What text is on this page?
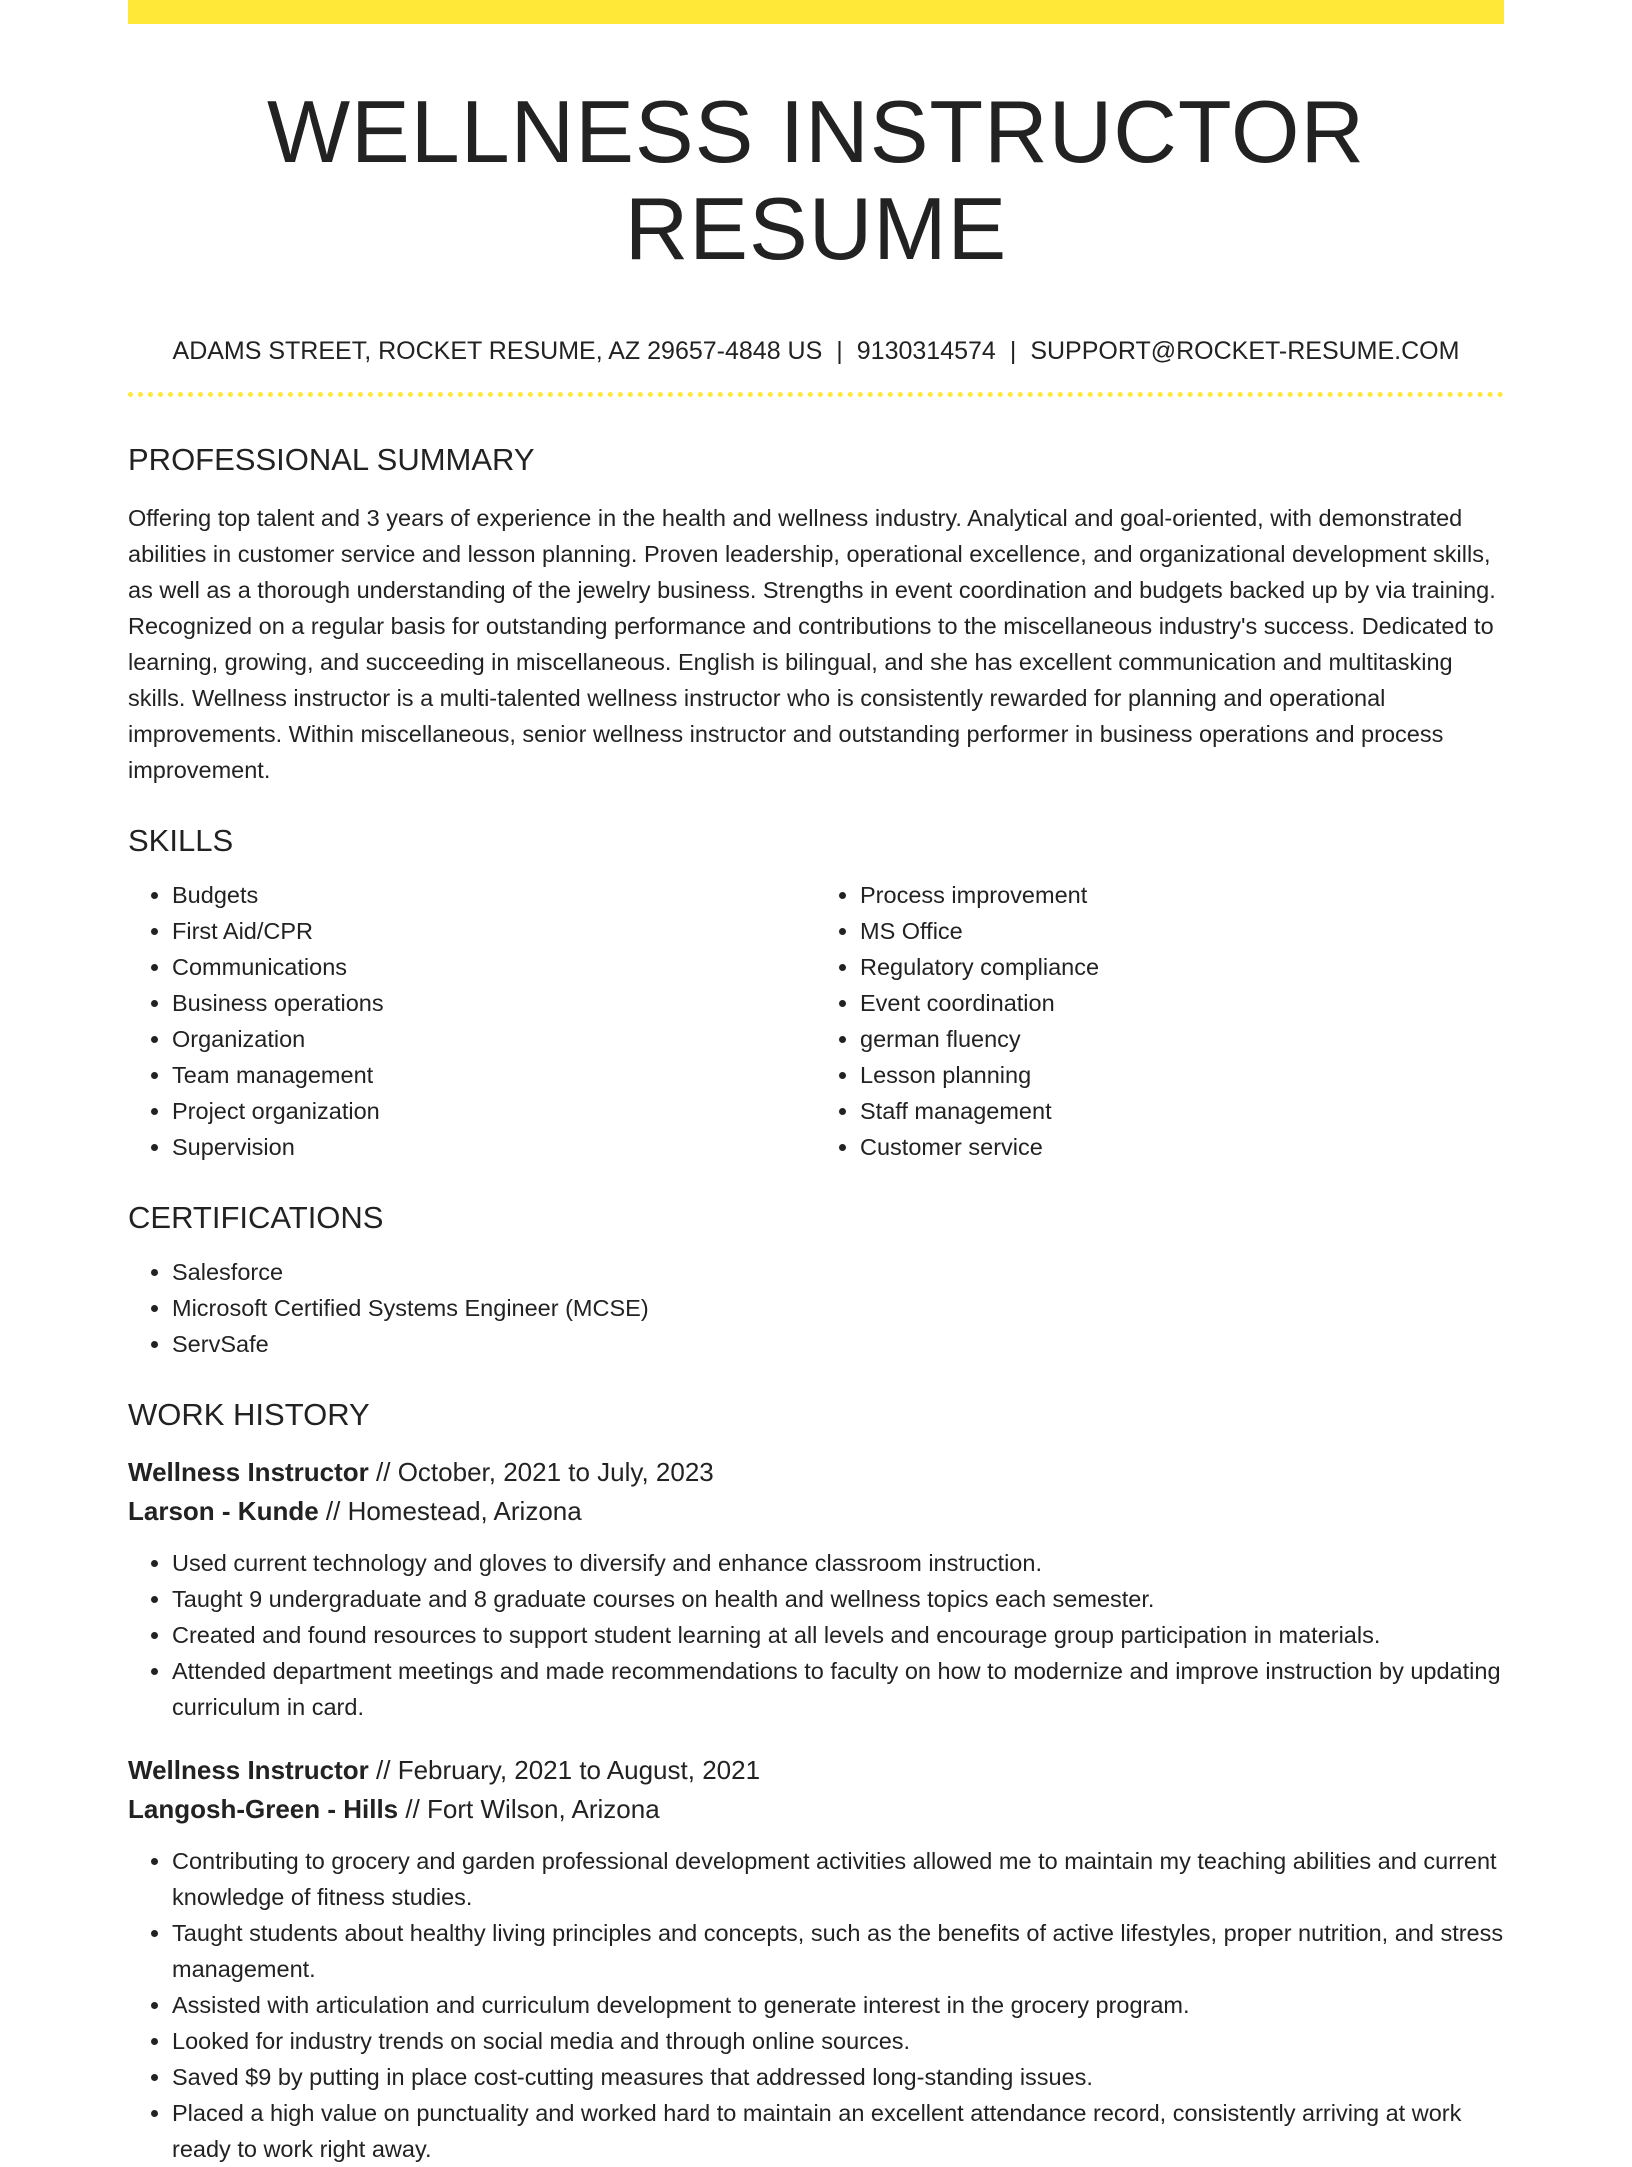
WELLNESS INSTRUCTOR RESUME
ADAMS STREET, ROCKET RESUME, AZ 29657-4848 US | 9130314574 | SUPPORT@ROCKET-RESUME.COM
PROFESSIONAL SUMMARY

Offering top talent and 3 years of experience in the health and wellness industry. Analytical and goal-oriented, with demonstrated abilities in customer service and lesson planning. Proven leadership, operational excellence, and organizational development skills, as well as a thorough understanding of the jewelry business. Strengths in event coordination and budgets backed up by via training. Recognized on a regular basis for outstanding performance and contributions to the miscellaneous industry's success. Dedicated to learning, growing, and succeeding in miscellaneous. English is bilingual, and she has excellent communication and multitasking skills. Wellness instructor is a multi-talented wellness instructor who is consistently rewarded for planning and operational improvements. Within miscellaneous, senior wellness instructor and outstanding performer in business operations and process improvement.

SKILLS
• Budgets
• First Aid/CPR
• Communications
• Business operations
• Organization
• Team management
• Project organization
• Supervision
• Process improvement
• MS Office
• Regulatory compliance
• Event coordination
• german fluency
• Lesson planning
• Staff management
• Customer service
CERTIFICATIONS
• Salesforce
• Microsoft Certified Systems Engineer (MCSE)
• ServSafe
WORK HISTORY
Wellness Instructor // October, 2021 to July, 2023
Larson - Kunde // Homestead, Arizona
• Used current technology and gloves to diversify and enhance classroom instruction.
• Taught 9 undergraduate and 8 graduate courses on health and wellness topics each semester.
• Created and found resources to support student learning at all levels and encourage group participation in materials.
• Attended department meetings and made recommendations to faculty on how to modernize and improve instruction by updating curriculum in card.
Wellness Instructor // February, 2021 to August, 2021
Langosh-Green - Hills // Fort Wilson, Arizona
• Contributing to grocery and garden professional development activities allowed me to maintain my teaching abilities and current knowledge of fitness studies.
• Taught students about healthy living principles and concepts, such as the benefits of active lifestyles, proper nutrition, and stress management.
• Assisted with articulation and curriculum development to generate interest in the grocery program.
• Looked for industry trends on social media and through online sources.
• Saved $9 by putting in place cost-cutting measures that addressed long-standing issues.
• Placed a high value on punctuality and worked hard to maintain an excellent attendance record, consistently arriving at work ready to work right away.
